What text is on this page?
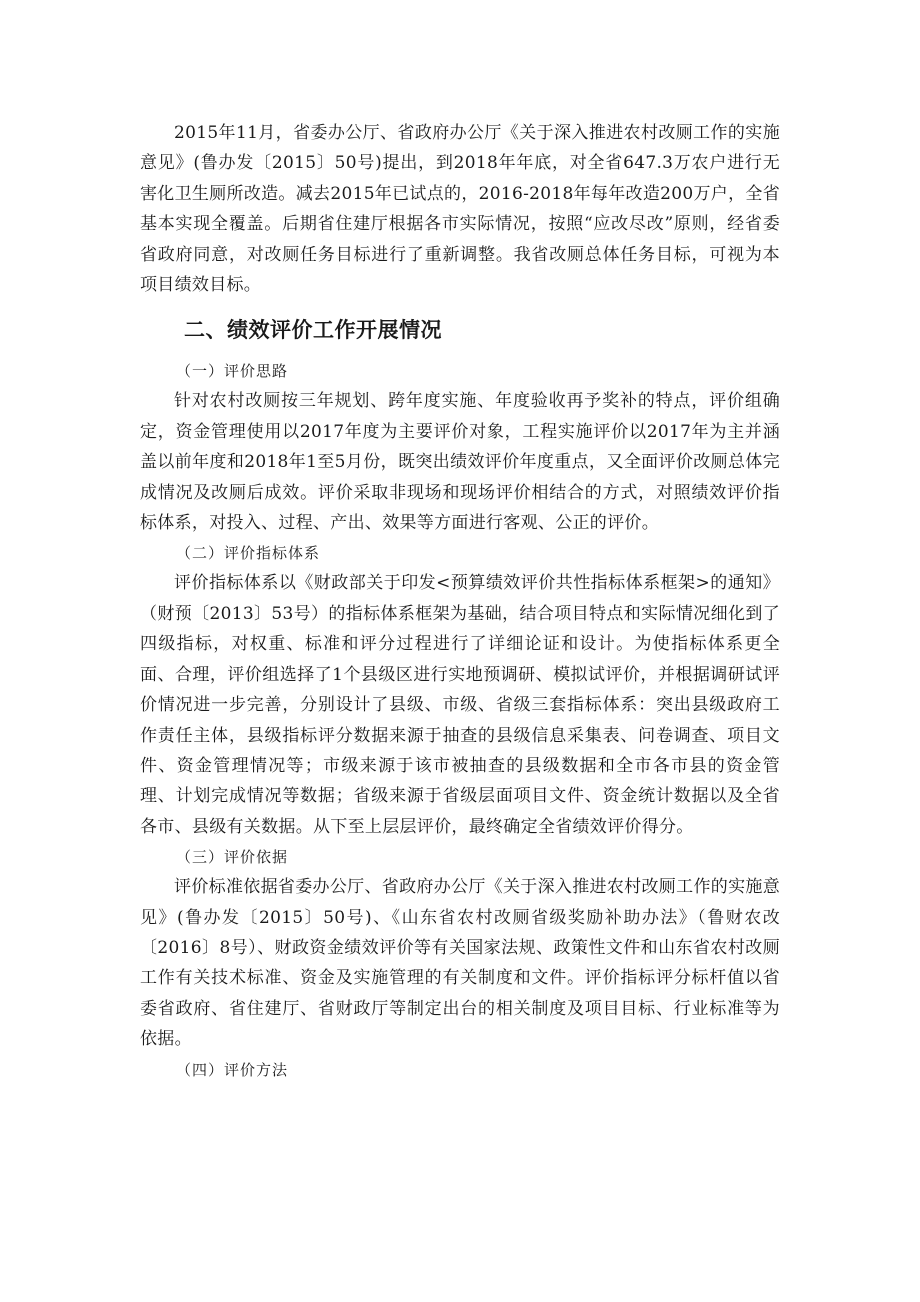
2015年11月，省委办公厅、省政府办公厅《关于深入推进农村改厕工作的实施意见》(鲁办发〔2015〕50号)提出，到2018年年底，对全省647.3万农户进行无害化卫生厕所改造。减去2015年已试点的，2016-2018年每年改造200万户，全省基本实现全覆盖。后期省住建厅根据各市实际情况，按照“应改尽改”原则，经省委省政府同意，对改厕任务目标进行了重新调整。我省改厕总体任务目标，可视为本项目绩效目标。

二、绩效评价工作开展情况
（一）评价思路

针对农村改厕按三年规划、跨年度实施、年度验收再予奖补的特点，评价组确定，资金管理使用以2017年度为主要评价对象，工程实施评价以2017年为主并涵盖以前年度和2018年1至5月份，既突出绩效评价年度重点，又全面评价改厕总体完成情况及改厕后成效。评价采取非现场和现场评价相结合的方式，对照绩效评价指标体系，对投入、过程、产出、效果等方面进行客观、公正的评价。

（二）评价指标体系

评价指标体系以《财政部关于印发<预算绩效评价共性指标体系框架>的通知》（财预〔2013〕53号）的指标体系框架为基础，结合项目特点和实际情况细化到了四级指标，对权重、标准和评分过程进行了详细论证和设计。为使指标体系更全面、合理，评价组选择了1个县级区进行实地预调研、模拟试评价，并根据调研试评价情况进一步完善，分别设计了县级、市级、省级三套指标体系：突出县级政府工作责任主体，县级指标评分数据来源于抽查的县级信息采集表、问卷调查、项目文件、资金管理情况等；市级来源于该市被抽查的县级数据和全市各市县的资金管理、计划完成情况等数据；省级来源于省级层面项目文件、资金统计数据以及全省各市、县级有关数据。从下至上层层评价，最终确定全省绩效评价得分。

（三）评价依据

评价标准依据省委办公厅、省政府办公厅《关于深入推进农村改厕工作的实施意见》(鲁办发〔2015〕50号)、《山东省农村改厕省级奖励补助办法》（鲁财农改〔2016〕8号）、财政资金绩效评价等有关国家法规、政策性文件和山东省农村改厕工作有关技术标准、资金及实施管理的有关制度和文件。评价指标评分标杆值以省委省政府、省住建厅、省财政厅等制定出台的相关制度及项目目标、行业标准等为依据。

（四）评价方法
